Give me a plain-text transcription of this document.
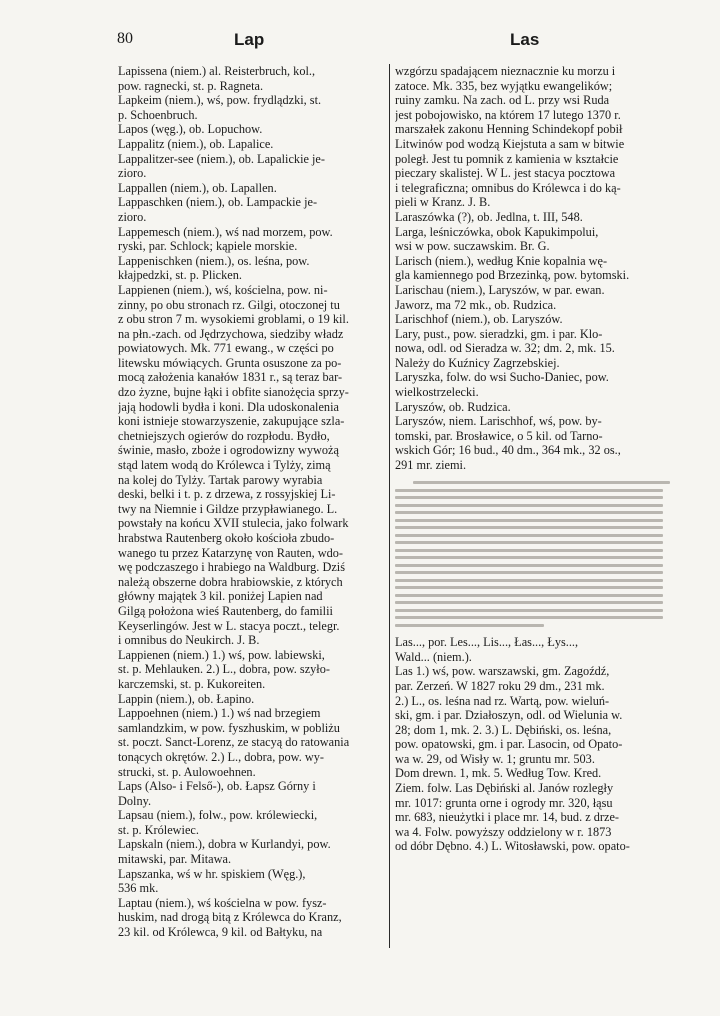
80	Lap	Las
Lapissena (niem.) al. Reisterbruch, kol.,
pow. ragnecki, st. p. Ragneta.
Lapkeim (niem.), wś, pow. frydlądzki, st.
p. Schoenbruch.
Lapos (węg.), ob. Lopuchow.
Lappalitz (niem.), ob. Lapalice.
Lappalitzer-see (niem.), ob. Lapalickie je-
zioro.
Lappallen (niem.), ob. Lapallen.
Lappaschken (niem.), ob. Lampackie je-
zioro.
Lappemesch (niem.), wś nad morzem, pow.
ryski, par. Schlock; kąpiele morskie.
Lappenischken (niem.), os. leśna, pow.
kłajpedzki, st. p. Plicken.
Lappienen (niem.), wś, kościelna, pow. ni-
zinny, po obu stronach rz. Gilgi, otoczonej tu
z obu stron 7 m. wysokiemi groblami, o 19 kil.
na płn.-zach. od Jędrzychowa, siedziby władz
powiatowych. Mk. 771 ewang., w części po
litewsku mówiących. Grunta osuszone za po-
mocą założenia kanałów 1831 r., są teraz bar-
dzo żyzne, bujne łąki i obfite sianożęcia sprzy-
jają hodowli bydła i koni. Dla udoskonalenia
koni istnieje stowarzyszenie, zakupujące szla-
chetniejszych ogierów do rozpłodu. Bydło,
świnie, masło, zboże i ogrodowizny wywożą
stąd latem wodą do Królewca i Tylży, zimą
na kolej do Tylży. Tartak parowy wyrabia
deski, belki i t. p. z drzewa, z rossyjskiej Li-
twy na Niemnie i Gildze przypławianego. L.
powstały na końcu XVII stulecia, jako folwark
hrabstwa Rautenberg około kościoła zbudo-
wanego tu przez Katarzynę von Rauten, wdo-
wę podczaszego i hrabiego na Waldburg. Dziś
należą obszerne dobra hrabiowskie, z których
główny majątek 3 kil. poniżej Lapien nad
Gilgą położona wieś Rautenberg, do familii
Keyserlingów. Jest w L. stacya poczt., telegr.
i omnibus do Neukirch. J. B.
Lappienen (niem.) 1.) wś, pow. labiewski,
st. p. Mehlauken. 2.) L., dobra, pow. szyło-
karczemski, st. p. Kukoreiten.
Lappin (niem.), ob. Łapino.
Lappoehnen (niem.) 1.) wś nad brzegiem
samlandzkim, w pow. fyszhuskim, w pobliżu
st. poczt. Sanct-Lorenz, ze stacyą do ratowania
tonących okrętów. 2.) L., dobra, pow. wy-
strucki, st. p. Aulowoehnen.
Laps (Also- i Felső-), ob. Łapsz Górny i
Dolny.
Lapsau (niem.), folw., pow. królewiecki,
st. p. Królewiec.
Lapskaln (niem.), dobra w Kurlandyi, pow.
mitawski, par. Mitawa.
Lapszanka, wś w hr. spiskiem (Węg.),
536 mk.
Laptau (niem.), wś kościelna w pow. fysz-
huskim, nad drogą bitą z Królewca do Kranz,
23 kil. od Królewca, 9 kil. od Bałtyku, na
wzgórzu spadającem nieznacznie ku morzu i
zatoce. Mk. 335, bez wyjątku ewangelików;
ruiny zamku. Na zach. od L. przy wsi Ruda
jest pobojowisko, na którem 17 lutego 1370 r.
marszałek zakonu Henning Schindekopf pobił
Litwinów pod wodzą Kiejstuta a sam w bitwie
poległ. Jest tu pomnik z kamienia w kształcie
pieczary skalistej. W L. jest stacya pocztowa
i telegraficzna; omnibus do Królewca i do ką-
pieli w Kranz. J. B.
Laraszówka (?), ob. Jedlna, t. III, 548.
Larga, leśniczówka, obok Kapukimpolui,
wsi w pow. suczawskim. Br. G.
Larisch (niem.), według Knie kopalnia wę-
gla kamiennego pod Brzezinką, pow. bytomski.
Larischau (niem.), Laryszów, w par. ewan.
Jaworz, ma 72 mk., ob. Rudzica.
Larischhof (niem.), ob. Laryszów.
Lary, pust., pow. sieradzki, gm. i par. Klo-
nowa, odl. od Sieradza w. 32; dm. 2, mk. 15.
Należy do Kuźnicy Zagrzebskiej.
Laryszka, folw. do wsi Sucho-Daniec, pow.
wielkostrzelecki.
Laryszów, ob. Rudzica.
Laryszów, niem. Larischhof, wś, pow. by-
tomski, par. Brosławice, o 5 kil. od Tarno-
wskich Gór; 16 bud., 40 dm., 364 mk., 32 os.,
291 mr. ziemi.
Las..., por. Les..., Lis..., Łas..., Łys...,
Wald... (niem.).
Las 1.) wś, pow. warszawski, gm. Zagoźdź,
par. Zerzeń. W 1827 roku 29 dm., 231 mk.
2.) L., os. leśna nad rz. Wartą, pow. wieluń-
ski, gm. i par. Działoszyn, odl. od Wielunia w.
28; dom 1, mk. 2. 3.) L. Dębiński, os. leśna,
pow. opatowski, gm. i par. Lasocin, od Opato-
wa w. 29, od Wisły w. 1; gruntu mr. 503.
Dom drewn. 1, mk. 5. Według Tow. Kred.
Ziem. folw. Las Dębiński al. Janów rozległy
mr. 1017: grunta orne i ogrody mr. 320, łąsu
mr. 683, nieużytki i place mr. 14, bud. z drze-
wa 4. Folw. powyższy oddzielony w r. 1873
od dóbr Dębno. 4.) L. Witosławski, pow. opato-
